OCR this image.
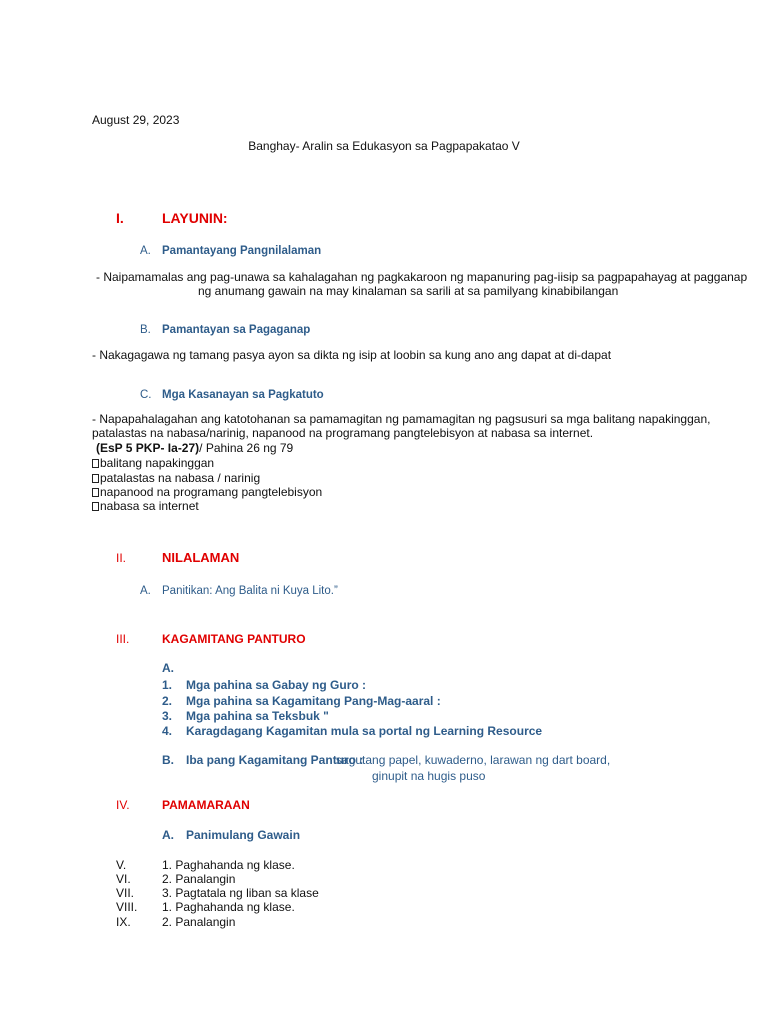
August 29, 2023
Banghay- Aralin sa Edukasyon sa Pagpapakatao V
I.	LAYUNIN:
A. Pamantayang Pangnilalaman
- Naipamamalas ang pag-unawa sa kahalagahan ng pagkakaroon ng mapanuring pag-iisip sa pagpapahayag at pagganap
ng anumang gawain na may kinalaman sa sarili at sa pamilyang kinabibilangan
B. Pamantayan sa Pagaganap
- Nakagagawa ng tamang pasya ayon sa dikta ng isip at loobin sa kung ano ang dapat at di-dapat
C. Mga Kasanayan sa Pagkatuto
- Napapahalagahan ang katotohanan sa pamamagitan ng pamamagitan ng pagsusuri sa mga balitang napakinggan,
patalastas na nabasa/narinig, napanood na programang pangtelebisyon at nabasa sa internet.
(EsP 5 PKP- Ia-27)/ Pahina 26 ng 79
balitang napakinggan
patalastas na nabasa / narinig
napanood na programang pangtelebisyon
nabasa sa internet
II.	NILALAMAN
A. Panitikan: Ang Balita ni Kuya Lito.”
III.	KAGAMITANG PANTURO
A.
1. Mga pahina sa Gabay ng Guro :
2. Mga pahina sa Kagamitang Pang-Mag-aaral :
3. Mga pahina sa Teksbuk "
4. Karagdagang Kagamitan mula sa portal ng Learning Resource
B. Iba pang Kagamitang Panturo :
sagutang papel, kuwaderno, larawan ng dart board,
ginupit na hugis puso
IV.	PAMAMARAAN
A. Panimulang Gawain
V.	1. Paghahanda ng klase.
VI.	2. Panalangin
VII. 3. Pagtatala ng liban sa klase
VIII. 1. Paghahanda ng klase.
IX.	2. Panalangin
